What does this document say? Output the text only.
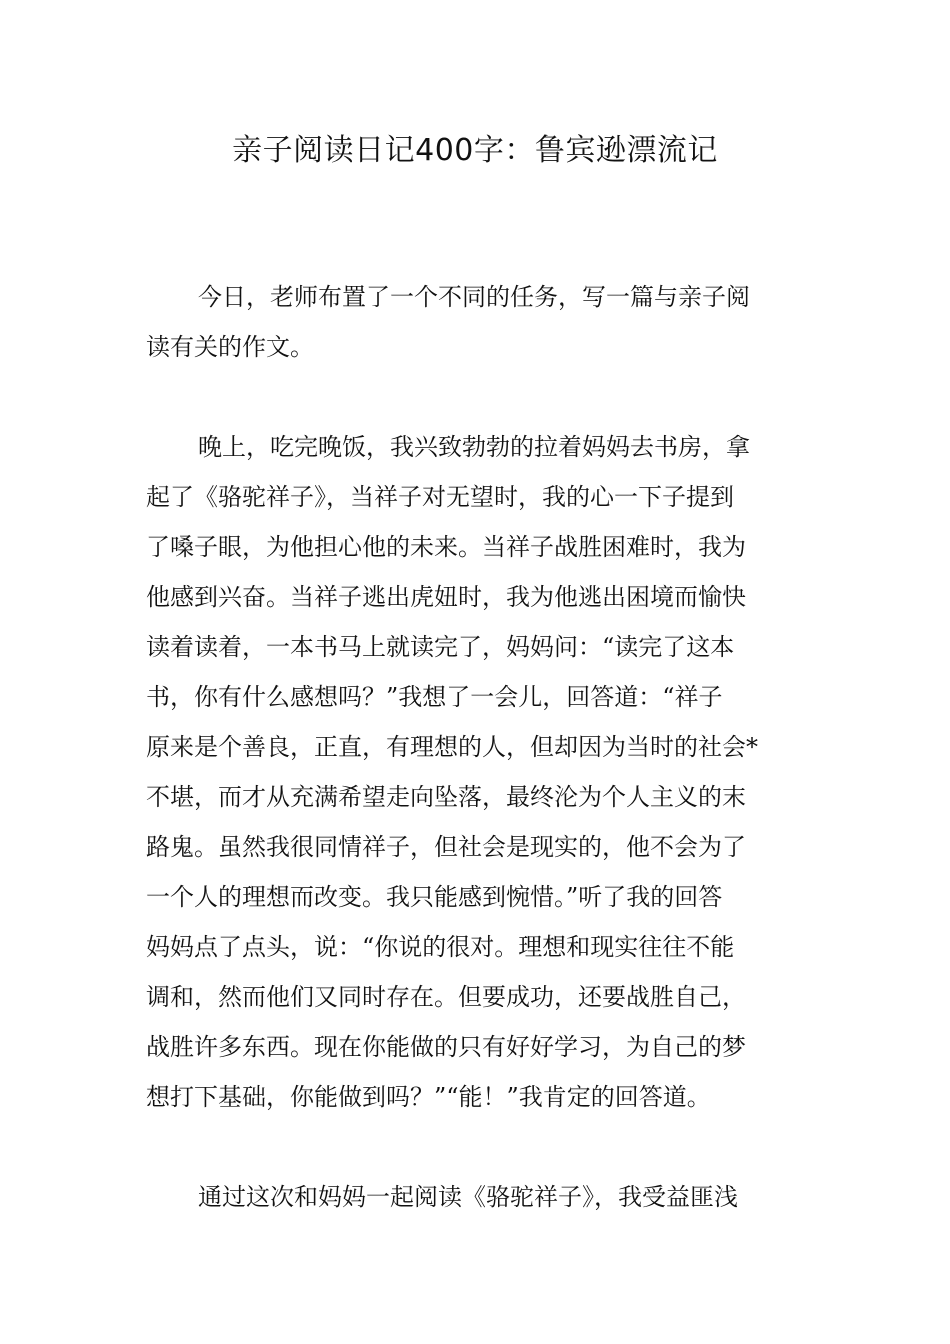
亲子阅读日记400字：鲁宾逊漂流记

今日，老师布置了一个不同的任务，写一篇与亲子阅
读有关的作文。

晚上，吃完晚饭，我兴致勃勃的拉着妈妈去书房，拿
起了《骆驼祥子》，当祥子对无望时，我的心一下子提到
了嗓子眼，为他担心他的未来。当祥子战胜困难时，我为
他感到兴奋。当祥子逃出虎妞时，我为他逃出困境而愉快
读着读着，一本书马上就读完了，妈妈问：“读完了这本
书，你有什么感想吗？”我想了一会儿，回答道：“祥子
原来是个善良，正直，有理想的人，但却因为当时的社会*
不堪，而才从充满希望走向坠落，最终沦为个人主义的末
路鬼。虽然我很同情祥子，但社会是现实的，他不会为了
一个人的理想而改变。我只能感到惋惜。”听了我的回答
妈妈点了点头，说：“你说的很对。理想和现实往往不能
调和，然而他们又同时存在。但要成功，还要战胜自己，
战胜许多东西。现在你能做的只有好好学习，为自己的梦
想打下基础，你能做到吗？”“能！”我肯定的回答道。

通过这次和妈妈一起阅读《骆驼祥子》，我受益匪浅
